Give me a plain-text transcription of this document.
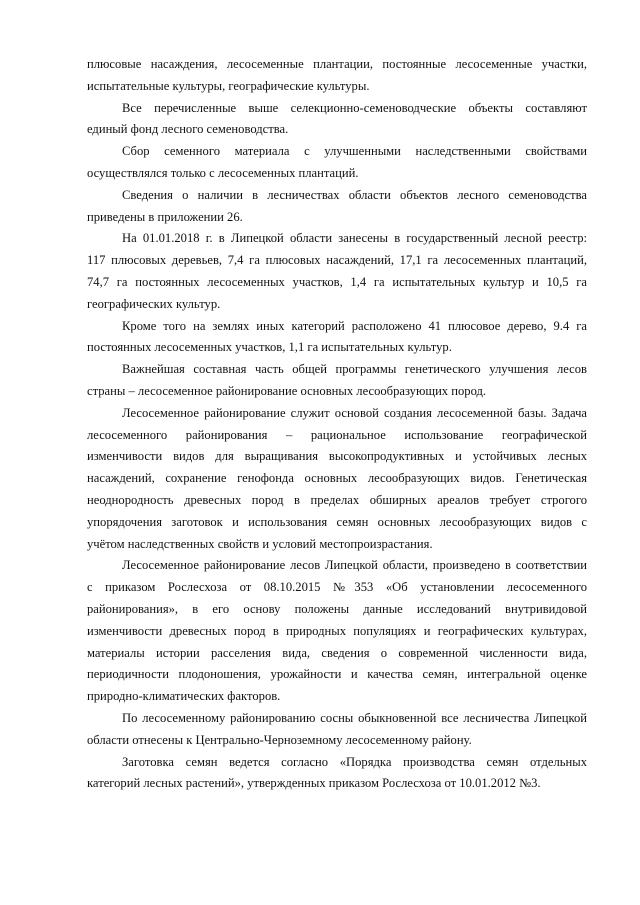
плюсовые насаждения, лесосеменные плантации, постоянные лесосеменные участки,
испытательные культуры, географические культуры.
Все перечисленные выше селекционно-семеноводческие объекты составляют
единый фонд лесного семеноводства.
Сбор семенного материала с улучшенными наследственными свойствами
осуществлялся только с лесосеменных плантаций.
Сведения о наличии в лесничествах области объектов лесного семеноводства
приведены в приложении 26.
На 01.01.2018 г. в Липецкой области занесены в государственный лесной реестр:
117 плюсовых деревьев, 7,4 га плюсовых насаждений, 17,1 га лесосеменных плантаций,
74,7 га постоянных лесосеменных участков, 1,4 га испытательных культур и 10,5 га
географических культур.
Кроме того на землях иных категорий расположено 41 плюсовое дерево, 9.4 га
постоянных лесосеменных участков, 1,1 га испытательных культур.
Важнейшая составная часть общей программы генетического улучшения лесов
страны – лесосеменное районирование основных лесообразующих пород.
Лесосеменное районирование служит основой создания лесосеменной базы. Задача
лесосеменного районирования – рациональное использование географической
изменчивости видов для выращивания высокопродуктивных и устойчивых лесных
насаждений, сохранение генофонда основных лесообразующих видов. Генетическая
неоднородность древесных пород в пределах обширных ареалов требует строгого
упорядочения заготовок и использования семян основных лесообразующих видов с
учётом наследственных свойств и условий местопроизрастания.
Лесосеменное районирование лесов Липецкой области, произведено в соответствии
с приказом Рослесхоза от 08.10.2015 №353 «Об установлении лесосеменного
районирования», в его основу положены данные исследований внутривидовой
изменчивости древесных пород в природных популяциях и географических культурах,
материалы истории расселения вида, сведения о современной численности вида,
периодичности плодоношения, урожайности и качества семян, интегральной оценке
природно-климатических факторов.
По лесосеменному районированию сосны обыкновенной все лесничества Липецкой
области отнесены к Центрально-Черноземному лесосеменному району.
Заготовка семян ведется согласно «Порядка производства семян отдельных
категорий лесных растений», утвержденных приказом Рослесхоза от 10.01.2012 №3.
